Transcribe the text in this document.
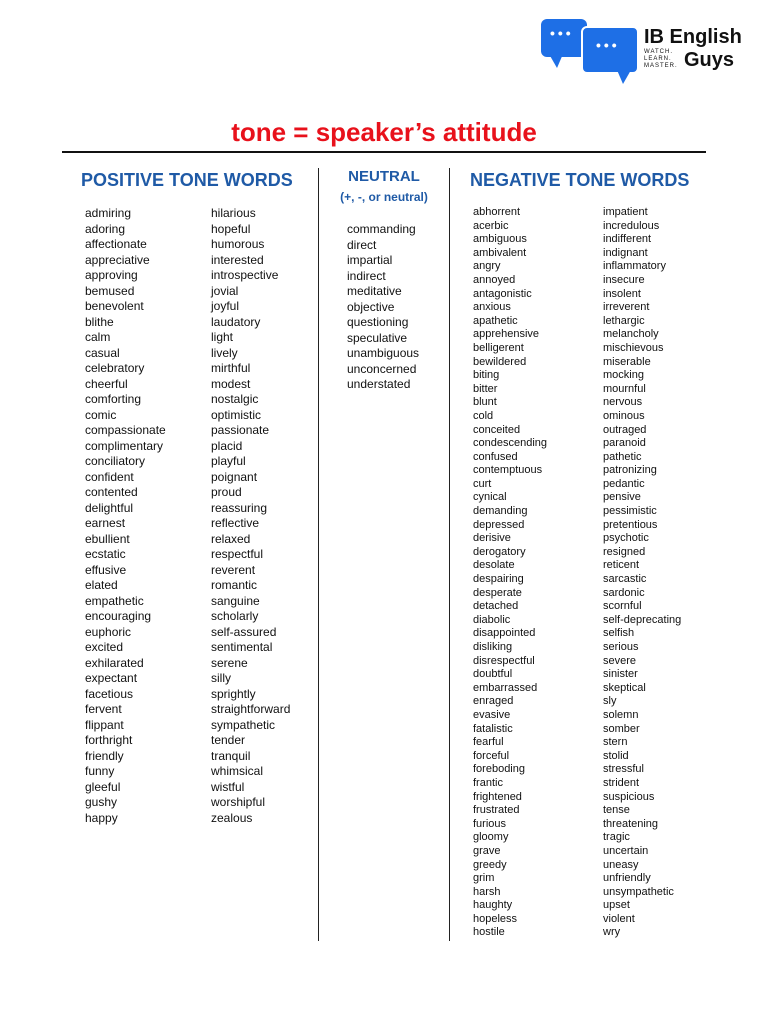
•••
••• IB English
WATCH. LEARN. MASTER. Guys
tone = speaker’s attitude
POSITIVE TONE WORDS	NEUTRAL
(+, -, or neutral)
NEGATIVE TONE WORDS
admiring
adoring
affectionate
appreciative
approving
bemused
benevolent
blithe
calm
casual
celebratory
cheerful
comforting
comic
compassionate
complimentary
conciliatory
confident
contented
delightful
earnest
ebullient
ecstatic
effusive
elated
empathetic
encouraging
euphoric
excited
exhilarated
expectant
facetious
fervent
flippant
forthright
friendly
funny
gleeful
gushy
happy
hilarious
hopeful
humorous
interested
introspective
jovial
joyful
laudatory
light
lively
mirthful
modest
nostalgic
optimistic
passionate
placid
playful
poignant
proud
reassuring
reflective
relaxed
respectful
reverent
romantic
sanguine
scholarly
self-assured
sentimental
serene
silly
sprightly
straightforward
sympathetic
tender
tranquil
whimsical
wistful
worshipful
zealous
commanding
direct
impartial
indirect
meditative
objective
questioning
speculative
unambiguous
unconcerned
understated
abhorrent
acerbic
ambiguous
ambivalent
angry
annoyed
antagonistic
anxious
apathetic
apprehensive
belligerent
bewildered
biting
bitter
blunt
cold
conceited
condescending
confused
contemptuous
curt
cynical
demanding
depressed
derisive
derogatory
desolate
despairing
desperate
detached
diabolic
disappointed
disliking
disrespectful
doubtful
embarrassed
enraged
evasive
fatalistic
fearful
forceful
foreboding
frantic
frightened
frustrated
furious
gloomy
grave
greedy
grim
harsh
haughty
hopeless
hostile
impatient
incredulous
indifferent
indignant
inflammatory
insecure
insolent
irreverent
lethargic
melancholy
mischievous
miserable
mocking
mournful
nervous
ominous
outraged
paranoid
pathetic
patronizing
pedantic
pensive
pessimistic
pretentious
psychotic
resigned
reticent
sarcastic
sardonic
scornful
self-deprecating
selfish
serious
severe
sinister
skeptical
sly
solemn
somber
stern
stolid
stressful
strident
suspicious
tense
threatening
tragic
uncertain
uneasy
unfriendly
unsympathetic
upset
violent
wry
